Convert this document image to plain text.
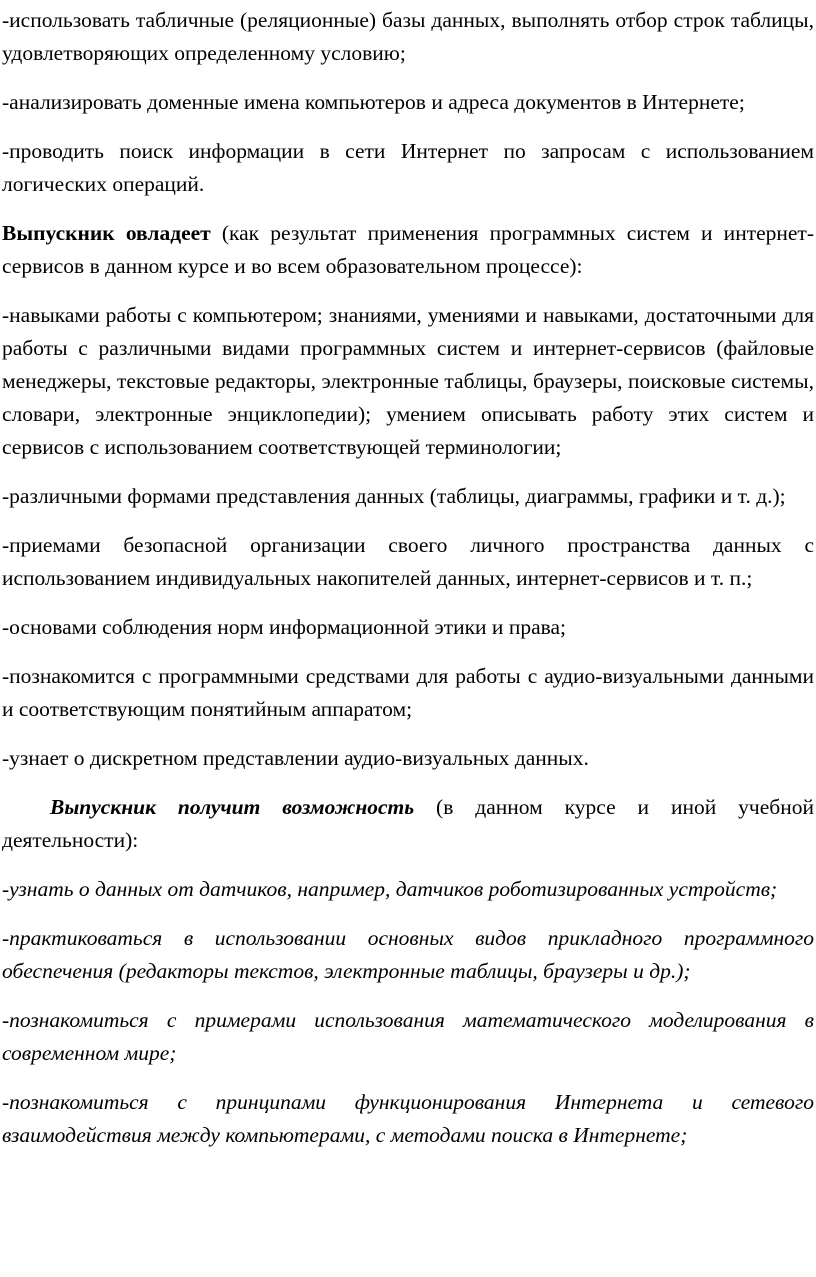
-использовать табличные (реляционные) базы данных, выполнять отбор строк таблицы, удовлетворяющих определенному условию;

-анализировать доменные имена компьютеров и адреса документов в Интернете;

-проводить поиск информации в сети Интернет по запросам с использованием логических операций.

Выпускник овладеет (как результат применения программных систем и интернет-сервисов в данном курсе и во всем образовательном процессе):

-навыками работы с компьютером; знаниями, умениями и навыками, достаточными для работы с различными видами программных систем и интернет-сервисов (файловые менеджеры, текстовые редакторы, электронные таблицы, браузеры, поисковые системы, словари, электронные энциклопедии); умением описывать работу этих систем и сервисов с использованием соответствующей терминологии;

-различными формами представления данных (таблицы, диаграммы, графики и т. д.);

-приемами безопасной организации своего личного пространства данных с использованием индивидуальных накопителей данных, интернет-сервисов и т. п.;

-основами соблюдения норм информационной этики и права;

-познакомится с программными средствами для работы с аудио-визуальными данными и соответствующим понятийным аппаратом;

-узнает о дискретном представлении аудио-визуальных данных.

Выпускник получит возможность (в данном курсе и иной учебной деятельности):

-узнать о данных от датчиков, например, датчиков роботизированных устройств;

-практиковаться в использовании основных видов прикладного программного обеспечения (редакторы текстов, электронные таблицы, браузеры и др.);

-познакомиться с примерами использования математического моделирования в современном мире;

-познакомиться с принципами функционирования Интернета и сетевого взаимодействия между компьютерами, с методами поиска в Интернете;
